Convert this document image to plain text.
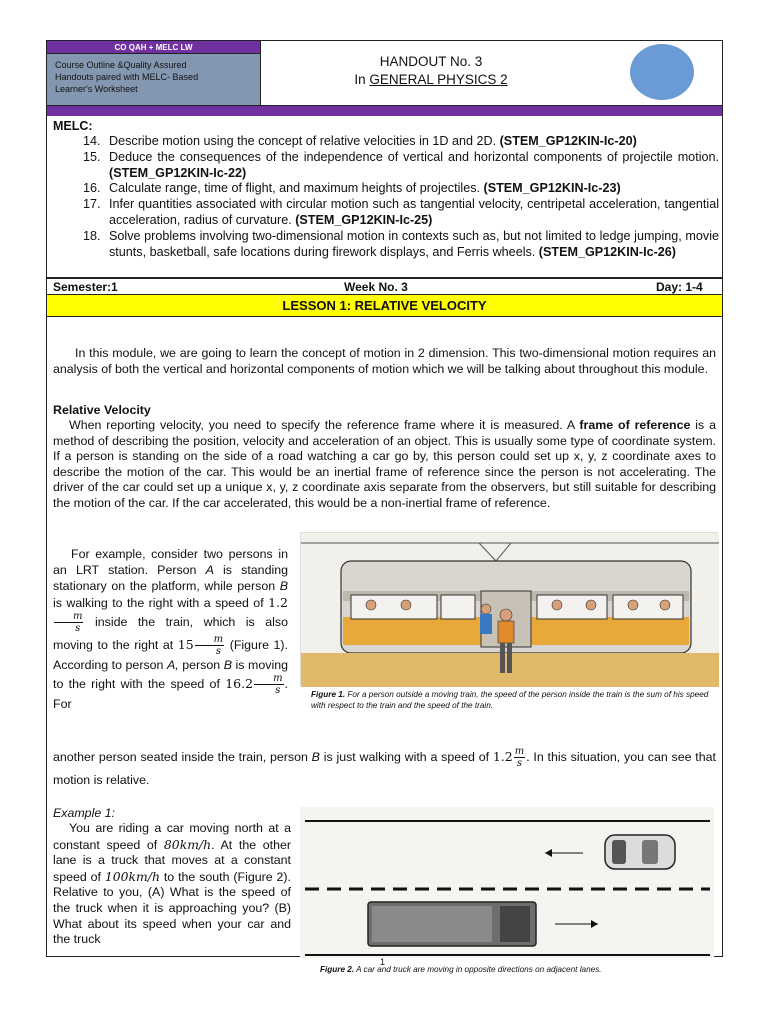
CO QAH + MELC LW
Course Outline &Quality Assured
Handouts paired with MELC- Based
Learner's Worksheet
HANDOUT No. 3
In GENERAL PHYSICS 2
MELC:
14. Describe motion using the concept of relative velocities in 1D and 2D. (STEM_GP12KIN-Ic-20)
15. Deduce the consequences of the independence of vertical and horizontal components of projectile motion. (STEM_GP12KIN-Ic-22)
16. Calculate range, time of flight, and maximum heights of projectiles. (STEM_GP12KIN-Ic-23)
17. Infer quantities associated with circular motion such as tangential velocity, centripetal acceleration, tangential acceleration, radius of curvature. (STEM_GP12KIN-Ic-25)
18. Solve problems involving two-dimensional motion in contexts such as, but not limited to ledge jumping, movie stunts, basketball, safe locations during firework displays, and Ferris wheels. (STEM_GP12KIN-Ic-26)
Semester:1	Week No. 3	Day: 1-4
LESSON 1: RELATIVE VELOCITY
In this module, we are going to learn the concept of motion in 2 dimension. This two-dimensional motion requires an analysis of both the vertical and horizontal components of motion which we will be talking about throughout this module.
Relative Velocity
When reporting velocity, you need to specify the reference frame where it is measured. A frame of reference is a method of describing the position, velocity and acceleration of an object. This is usually some type of coordinate system. If a person is standing on the side of a road watching a car go by, this person could set up x, y, z coordinate axes to describe the motion of the car. This would be an inertial frame of reference since the person is not accelerating. The driver of the car could set up a unique x, y, z coordinate axis separate from the observers, but still suitable for describing the motion of the car. If the car accelerated, this would be a non-inertial frame of reference.
For example, consider two persons in an LRT station. Person A is standing stationary on the platform, while person B is walking to the right with a speed of 1.2
$\frac{m}{s}$ inside the train, which is also moving to the right at $15 \frac{m}{s}$ (Figure 1). According to person A, person B is moving to the right with the speed of $16.2 \frac{m}{s}$ . For
Figure 1. For a person outside a moving train, the speed of the person inside the train is the sum of his speed with respect to the train and the speed of the train.
another person seated inside the train, person B is just walking with a speed of $1.2 \frac{m}{s}$ . In this situation, you can see that motion is relative.
Example 1:
You are riding a car moving north at a constant speed of 80km/h. At the other lane is a truck that moves at a constant speed of 100km/h to the south (Figure 2). Relative to you, (A) What is the speed of the truck when it is approaching you? (B) What about its speed when your car and the truck
Figure 2. A car and truck are moving in opposite directions on adjacent lanes.
1
